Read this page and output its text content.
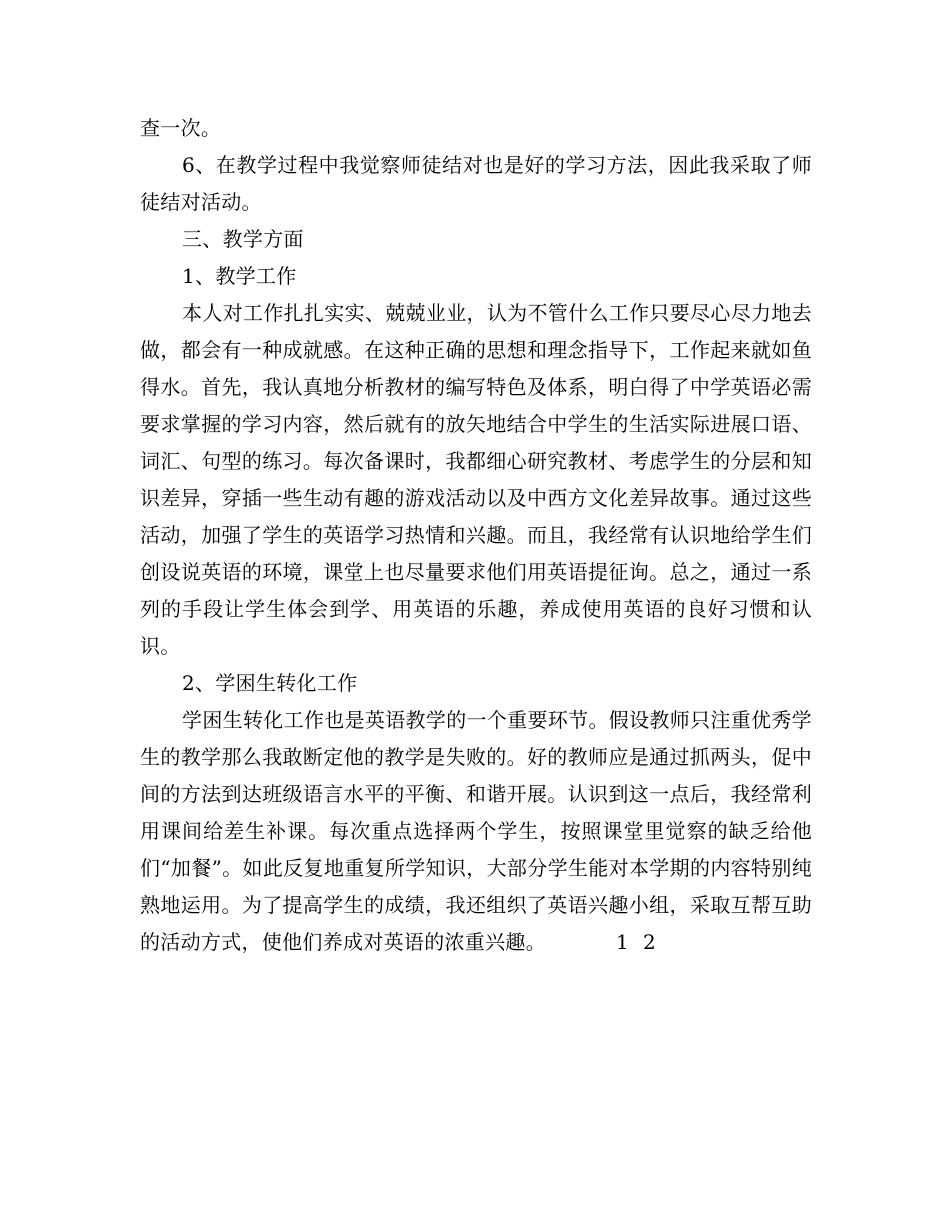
查一次。

6、在教学过程中我觉察师徒结对也是好的学习方法，因此我采取了师徒结对活动。

三、教学方面

1、教学工作

本人对工作扎扎实实、兢兢业业，认为不管什么工作只要尽心尽力地去做，都会有一种成就感。在这种正确的思想和理念指导下，工作起来就如鱼得水。首先，我认真地分析教材的编写特色及体系，明白得了中学英语必需要求掌握的学习内容，然后就有的放矢地结合中学生的生活实际进展口语、词汇、句型的练习。每次备课时，我都细心研究教材、考虑学生的分层和知识差异，穿插一些生动有趣的游戏活动以及中西方文化差异故事。通过这些活动，加强了学生的英语学习热情和兴趣。而且，我经常有认识地给学生们创设说英语的环境，课堂上也尽量要求他们用英语提征询。总之，通过一系列的手段让学生体会到学、用英语的乐趣，养成使用英语的良好习惯和认识。

2、学困生转化工作

学困生转化工作也是英语教学的一个重要环节。假设教师只注重优秀学生的教学那么我敢断定他的教学是失败的。好的教师应是通过抓两头，促中间的方法到达班级语言水平的平衡、和谐开展。认识到这一点后，我经常利用课间给差生补课。每次重点选择两个学生，按照课堂里觉察的缺乏给他们“加餐”。如此反复地重复所学知识，大部分学生能对本学期的内容特别纯熟地运用。为了提高学生的成绩，我还组织了英语兴趣小组，采取互帮互助的活动方式，使他们养成对英语的浓重兴趣。	1 2
